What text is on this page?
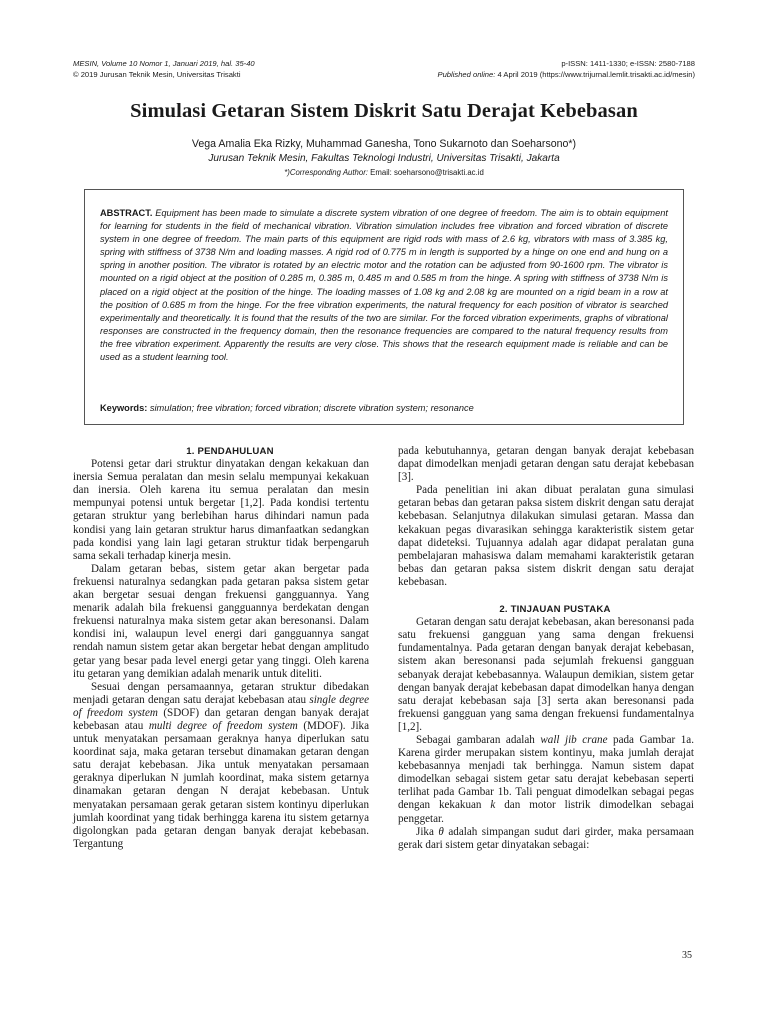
MESIN, Volume 10 Nomor 1, Januari 2019, hal. 35-40
© 2019 Jurusan Teknik Mesin, Universitas Trisakti
p-ISSN: 1411-1330; e-ISSN: 2580-7188
Published online: 4 April 2019 (https://www.trijurnal.lemlit.trisakti.ac.id/mesin)
Simulasi Getaran Sistem Diskrit Satu Derajat Kebebasan
Vega Amalia Eka Rizky, Muhammad Ganesha, Tono Sukarnoto dan Soeharsono*)
Jurusan Teknik Mesin, Fakultas Teknologi Industri, Universitas Trisakti, Jakarta
*)Corresponding Author: Email: soeharsono@trisakti.ac.id
ABSTRACT. Equipment has been made to simulate a discrete system vibration of one degree of freedom. The aim is to obtain equipment for learning for students in the field of mechanical vibration. Vibration simulation includes free vibration and forced vibration of discrete system in one degree of freedom. The main parts of this equipment are rigid rods with mass of 2.6 kg, vibrators with mass of 3.385 kg, spring with stiffness of 3738 N/m and loading masses. A rigid rod of 0.775 m in length is supported by a hinge on one end and hung on a spring in another position. The vibrator is rotated by an electric motor and the rotation can be adjusted from 90-1600 rpm. The vibrator is mounted on a rigid object at the position of 0.285 m, 0.385 m, 0.485 m and 0.585 m from the hinge. A spring with stiffness of 3738 N/m is placed on a rigid object at the position of the hinge. The loading masses of 1.08 kg and 2.08 kg are mounted on a rigid beam in a row at the position of 0.685 m from the hinge. For the free vibration experiments, the natural frequency for each position of vibrator is searched experimentally and theoretically. It is found that the results of the two are similar. For the forced vibration experiments, graphs of vibrational responses are constructed in the frequency domain, then the resonance frequencies are compared to the natural frequency results from the free vibration experiment. Apparently the results are very close. This shows that the research equipment made is reliable and can be used as a student learning tool.
Keywords: simulation; free vibration; forced vibration; discrete vibration system; resonance

1. PENDAHULUAN

Potensi getar dari struktur dinyatakan dengan kekakuan dan inersia Semua peralatan dan mesin selalu mempunyai kekakuan dan inersia. Oleh karena itu semua peralatan dan mesin mempunyai potensi untuk bergetar [1,2]. Pada kondisi tertentu getaran struktur yang berlebihan harus dihindari namun pada kondisi yang lain getaran struktur harus dimanfaatkan sedangkan pada kondisi yang lain lagi getaran struktur tidak berpengaruh sama sekali terhadap kinerja mesin.

Dalam getaran bebas, sistem getar akan bergetar pada frekuensi naturalnya sedangkan pada getaran paksa sistem getar akan bergetar sesuai dengan frekuensi gangguannya. Yang menarik adalah bila frekuensi gangguannya berdekatan dengan frekuensi naturalnya maka sistem getar akan beresonansi. Dalam kondisi ini, walaupun level energi dari gangguannya sangat rendah namun sistem getar akan bergetar hebat dengan amplitudo getar yang besar pada level energi getar yang tinggi. Oleh karena itu getaran yang demikian adalah menarik untuk diteliti.

Sesuai dengan persamaannya, getaran struktur dibedakan menjadi getaran dengan satu derajat kebebasan atau single degree of freedom system (SDOF) dan getaran dengan banyak derajat kebebasan atau multi degree of freedom system (MDOF). Jika untuk menyatakan persamaan geraknya hanya diperlukan satu koordinat saja, maka getaran tersebut dinamakan getaran dengan satu derajat kebebasan. Jika untuk menyatakan persamaan geraknya diperlukan N jumlah koordinat, maka sistem getarnya dinamakan getaran dengan N derajat kebebasan. Untuk menyatakan persamaan gerak getaran sistem kontinyu diperlukan jumlah koordinat yang tidak berhingga karena itu sistem getarnya digolongkan pada getaran dengan banyak derajat kebebasan. Tergantung

pada kebutuhannya, getaran dengan banyak derajat kebebasan dapat dimodelkan menjadi getaran dengan satu derajat kebebasan [3].

Pada penelitian ini akan dibuat peralatan guna simulasi getaran bebas dan getaran paksa sistem diskrit dengan satu derajat kebebasan. Selanjutnya dilakukan simulasi getaran. Massa dan kekakuan pegas divarasikan sehingga karakteristik sistem getar dapat dideteksi. Tujuannya adalah agar didapat peralatan guna pembelajaran mahasiswa dalam memahami karakteristik getaran bebas dan getaran paksa sistem diskrit dengan satu derajat kebebasan.

2. TINJAUAN PUSTAKA

Getaran dengan satu derajat kebebasan, akan beresonansi pada satu frekuensi gangguan yang sama dengan frekuensi fundamentalnya. Pada getaran dengan banyak derajat kebebasan, sistem akan beresonansi pada sejumlah frekuensi gangguan sebanyak derajat kebebasannya. Walaupun demikian, sistem getar dengan banyak derajat kebebasan dapat dimodelkan hanya dengan satu derajat kebebasan saja [3] serta akan beresonansi pada frekuensi gangguan yang sama dengan frekuensi fundamentalnya [1,2].

Sebagai gambaran adalah wall jib crane pada Gambar 1a. Karena girder merupakan sistem kontinyu, maka jumlah derajat kebebasannya menjadi tak berhingga. Namun sistem dapat dimodelkan sebagai sistem getar satu derajat kebebasan seperti terlihat pada Gambar 1b. Tali penguat dimodelkan sebagai pegas dengan kekakuan k dan motor listrik dimodelkan sebagai penggetar.

Jika θ adalah simpangan sudut dari girder, maka persamaan gerak dari sistem getar dinyatakan sebagai:

35
